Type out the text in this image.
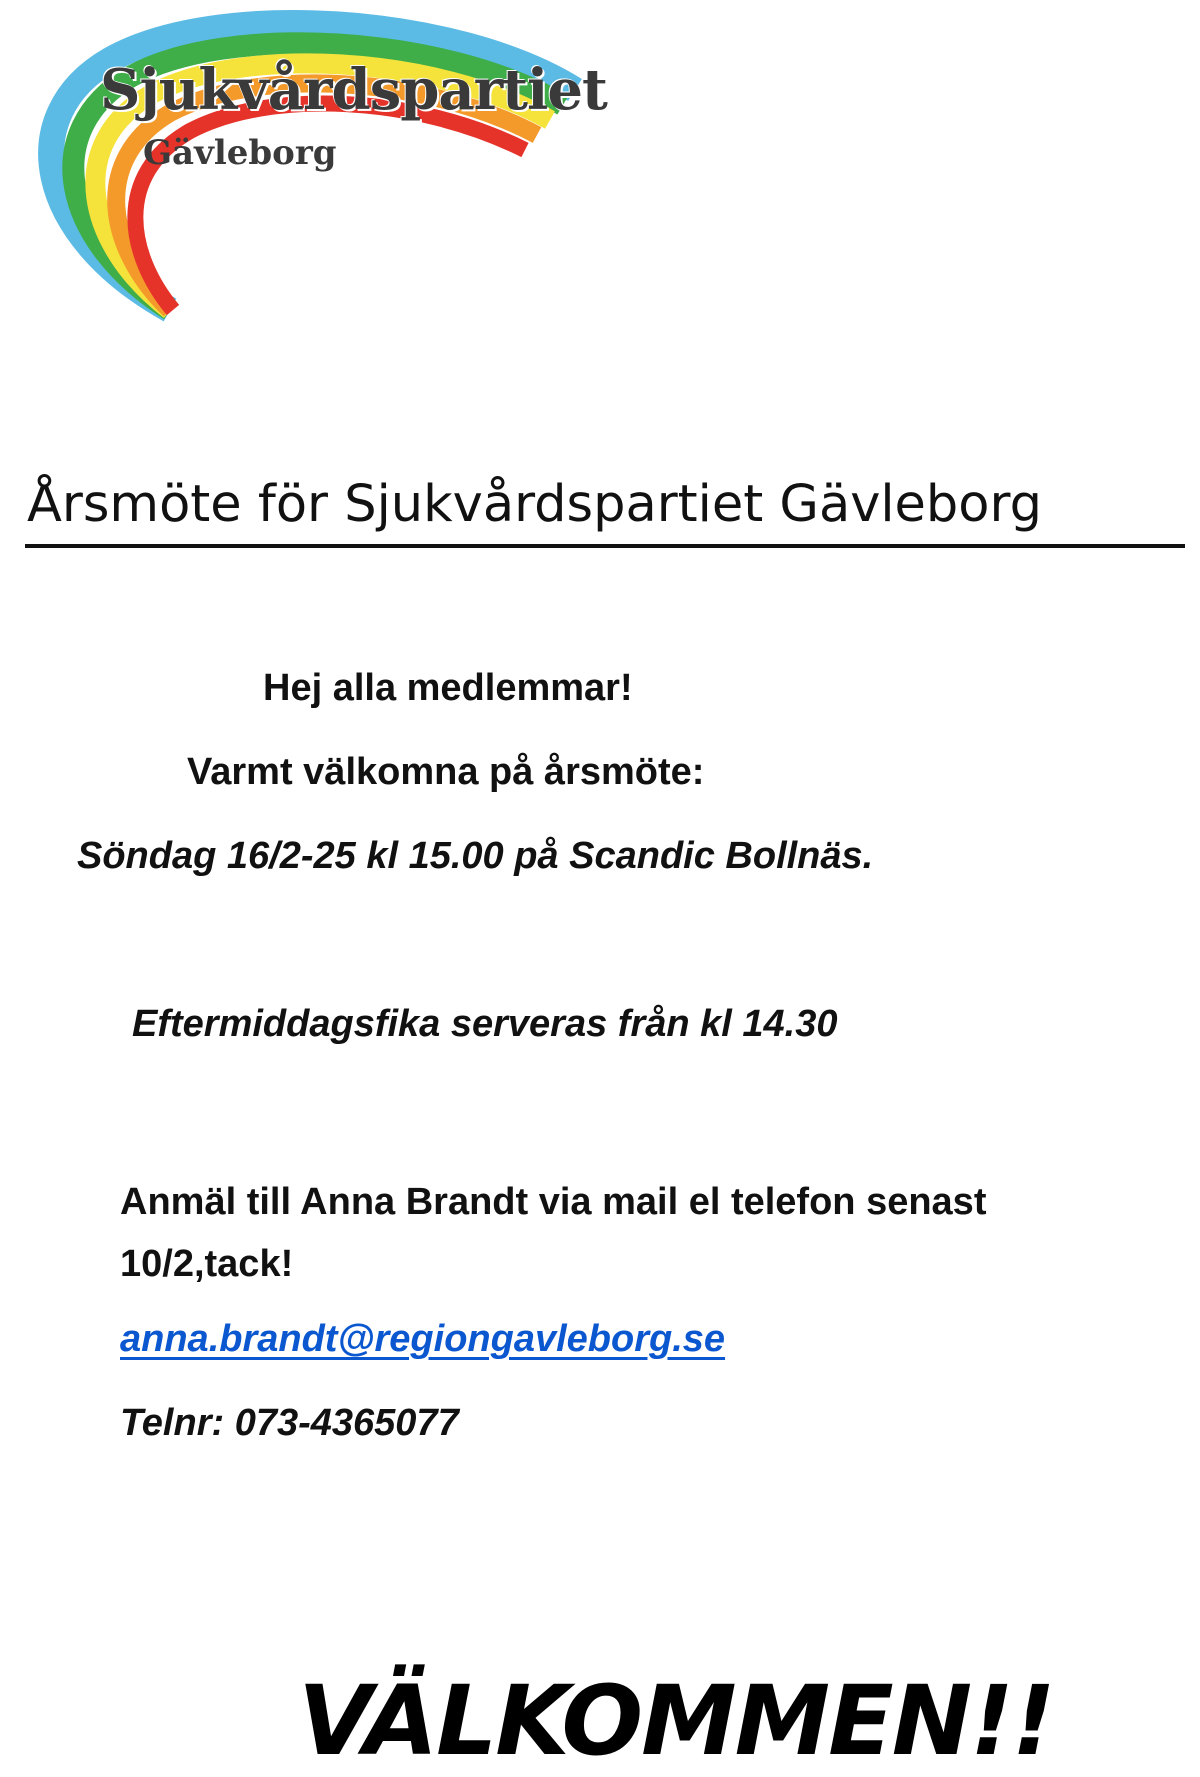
Sjukvårdspartiet
Gävleborg
Årsmöte för Sjukvårdspartiet Gävleborg
Hej alla medlemmar!
Varmt välkomna på årsmöte:
Söndag 16/2-25 kl 15.00 på Scandic Bollnäs.
Eftermiddagsfika serveras från kl 14.30
Anmäl till Anna Brandt via mail el telefon senast 10/2,tack!
anna.brandt@regiongavleborg.se
Telnr: 073-4365077
VÄLKOMMEN!!
